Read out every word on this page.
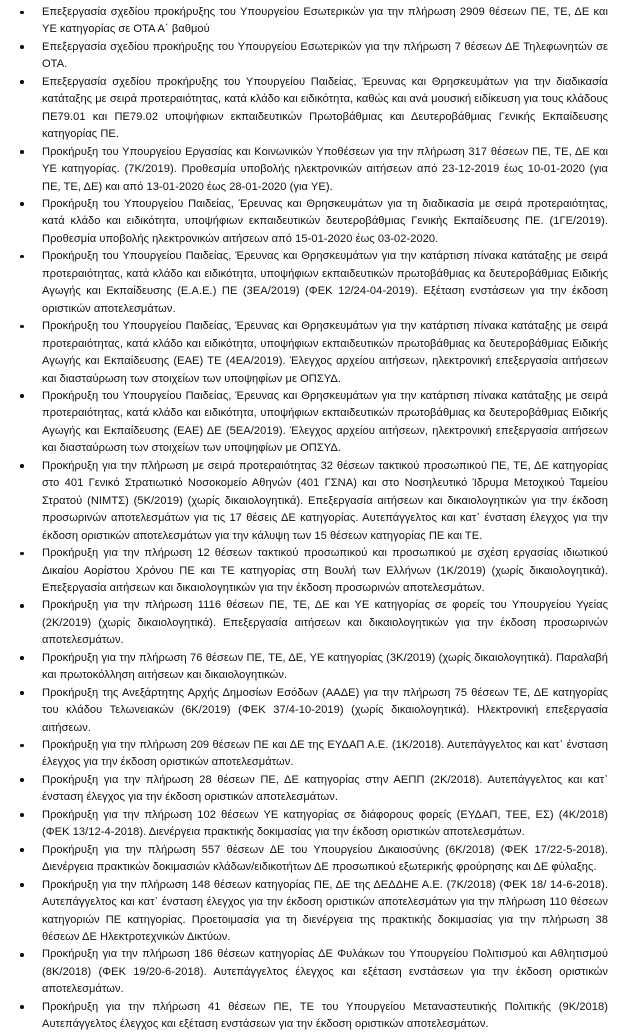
Επεξεργασία σχεδίου προκήρυξης του Υπουργείου Εσωτερικών για την πλήρωση 2909 θέσεων ΠΕ, ΤΕ, ΔΕ και ΥΕ κατηγορίας σε ΟΤΑ Α΄ βαθμού
Επεξεργασία σχεδίου προκήρυξης του Υπουργείου Εσωτερικών για την πλήρωση 7 θέσεων ΔΕ Τηλεφωνητών σε ΟΤΑ.
Επεξεργασία σχεδίου προκήρυξης του Υπουργείου Παιδείας, Έρευνας και Θρησκευμάτων για την διαδικασία κατάταξης με σειρά προτεραιότητας, κατά κλάδο και ειδικότητα, καθώς και ανά μουσική ειδίκευση για τους κλάδους ΠΕ79.01 και ΠΕ79.02 υποψήφιων εκπαιδευτικών Πρωτοβάθμιας και Δευτεροβάθμιας Γενικής Εκπαίδευσης κατηγορίας ΠΕ.
Προκήρυξη του Υπουργείου Εργασίας και Κοινωνικών Υποθέσεων για την πλήρωση 317 θέσεων ΠΕ, ΤΕ, ΔΕ και ΥΕ κατηγορίας. (7Κ/2019). Προθεσμία υποβολής ηλεκτρονικών αιτήσεων από 23-12-2019 έως 10-01-2020 (για ΠΕ, ΤΕ, ΔΕ) και από 13-01-2020 έως 28-01-2020 (για ΥΕ).
Προκήρυξη του Υπουργείου Παιδείας, Έρευνας και Θρησκευμάτων για τη διαδικασία με σειρά προτεραιότητας, κατά κλάδο και ειδικότητα, υποψήφιων εκπαιδευτικών δευτεροβάθμιας Γενικής Εκπαίδευσης ΠΕ. (1ΓΕ/2019). Προθεσμία υποβολής ηλεκτρονικών αιτήσεων από 15-01-2020 έως 03-02-2020.
Προκήρυξη του Υπουργείου Παιδείας, Έρευνας και Θρησκευμάτων για την κατάρτιση πίνακα κατάταξης με σειρά προτεραιότητας, κατά κλάδο και ειδικότητα, υποψήφιων εκπαιδευτικών πρωτοβάθμιας κα δευτεροβάθμιας Ειδικής Αγωγής και Εκπαίδευσης (Ε.Α.Ε.) ΠΕ (3ΕΑ/2019) (ΦΕΚ 12/24-04-2019). Εξέταση ενστάσεων για την έκδοση οριστικών αποτελεσμάτων.
Προκήρυξη του Υπουργείου Παιδείας, Έρευνας και Θρησκευμάτων για την κατάρτιση πίνακα κατάταξης με σειρά προτεραιότητας, κατά κλάδο και ειδικότητα, υποψήφιων εκπαιδευτικών πρωτοβάθμιας κα δευτεροβάθμιας Ειδικής Αγωγής και Εκπαίδευσης (ΕΑΕ) ΤΕ (4ΕΑ/2019). Έλεγχος αρχείου αιτήσεων, ηλεκτρονική επεξεργασία αιτήσεων και διασταύρωση των στοιχείων των υποψηφίων με ΟΠΣΥΔ.
Προκήρυξη του Υπουργείου Παιδείας, Έρευνας και Θρησκευμάτων για την κατάρτιση πίνακα κατάταξης με σειρά προτεραιότητας, κατά κλάδο και ειδικότητα, υποψήφιων εκπαιδευτικών πρωτοβάθμιας κα δευτεροβάθμιας Ειδικής Αγωγής και Εκπαίδευσης (ΕΑΕ) ΔΕ (5ΕΑ/2019). Έλεγχος αρχείου αιτήσεων, ηλεκτρονική επεξεργασία αιτήσεων και διασταύρωση των στοιχείων των υποψηφίων με ΟΠΣΥΔ.
Προκήρυξη για την πλήρωση με σειρά προτεραιότητας 32 θέσεων τακτικού προσωπικού ΠΕ, ΤΕ, ΔΕ κατηγορίας στο 401 Γενικό Στρατιωτικό Νοσοκομείο Αθηνών (401 ΓΣΝΑ) και στο Νοσηλευτικό Ίδρυμα Μετοχικού Ταμείου Στρατού (ΝΙΜΤΣ) (5Κ/2019) (χωρίς δικαιολογητικά). Επεξεργασία αιτήσεων και δικαιολογητικών για την έκδοση προσωρινών αποτελεσμάτων για τις 17 θέσεις ΔΕ κατηγορίας. Αυτεπάγγελτος και κατ᾽ ένσταση έλεγχος για την έκδοση οριστικών αποτελεσμάτων για την κάλυψη των 15 θέσεων κατηγορίας ΠΕ και ΤΕ.
Προκήρυξη για την πλήρωση 12 θέσεων τακτικού προσωπικού και προσωπικού με σχέση εργασίας ιδιωτικού Δικαίου Αορίστου Χρόνου ΠΕ και ΤΕ κατηγορίας στη Βουλή των Ελλήνων (1Κ/2019) (χωρίς δικαιολογητικά). Επεξεργασία αιτήσεων και δικαιολογητικών για την έκδοση προσωρινών αποτελεσμάτων.
Προκήρυξη για την πλήρωση 1116 θέσεων ΠΕ, ΤΕ, ΔΕ και ΥΕ κατηγορίας σε φορείς του Υπουργείου Υγείας (2Κ/2019) (χωρίς δικαιολογητικά). Επεξεργασία αιτήσεων και δικαιολογητικών για την έκδοση προσωρινών αποτελεσμάτων.
Προκήρυξη για την πλήρωση 76 θέσεων ΠΕ, ΤΕ, ΔΕ, ΥΕ κατηγορίας (3Κ/2019) (χωρίς δικαιολογητικά). Παραλαβή και πρωτοκόλληση αιτήσεων και δικαιολογητικών.
Προκήρυξη της Ανεξάρτητης Αρχής Δημοσίων Εσόδων (ΑΑΔΕ) για την πλήρωση 75 θέσεων ΤΕ, ΔΕ κατηγορίας του κλάδου Τελωνειακών (6Κ/2019) (ΦΕΚ 37/4-10-2019) (χωρίς δικαιολογητικά). Ηλεκτρονική επεξεργασία αιτήσεων.
Προκήρυξη για την πλήρωση 209 θέσεων ΠΕ και ΔΕ της ΕΥΔΑΠ Α.Ε. (1Κ/2018). Αυτεπάγγελτος και κατ᾽ ένσταση έλεγχος για την έκδοση οριστικών αποτελεσμάτων.
Προκήρυξη για την πλήρωση 28 θέσεων ΠΕ, ΔΕ κατηγορίας στην ΑΕΠΠ (2Κ/2018). Αυτεπάγγελτος και κατ᾽ ένσταση έλεγχος για την έκδοση οριστικών αποτελεσμάτων.
Προκήρυξη για την πλήρωση 102 θέσεων ΥΕ κατηγορίας σε διάφορους φορείς (ΕΥΔΑΠ, ΤΕΕ, ΕΣ) (4Κ/2018) (ΦΕΚ 13/12-4-2018). Διενέργεια πρακτικής δοκιμασίας για την έκδοση οριστικών αποτελεσμάτων.
Προκήρυξη για την πλήρωση 557 θέσεων ΔΕ του Υπουργείου Δικαιοσύνης (6Κ/2018) (ΦΕΚ 17/22-5-2018). Διενέργεια πρακτικών δοκιμασιών κλάδων/ειδικοτήτων ΔΕ προσωπικού εξωτερικής φρούρησης και ΔΕ φύλαξης.
Προκήρυξη για την πλήρωση 148 θέσεων κατηγορίας ΠΕ, ΔΕ της ΔΕΔΔΗΕ Α.Ε. (7Κ/2018) (ΦΕΚ 18/ 14-6-2018). Αυτεπάγγελτος και κατ᾽ ένσταση έλεγχος για την έκδοση οριστικών αποτελεσμάτων για την πλήρωση 110 θέσεων κατηγοριών ΠΕ κατηγορίας. Προετοιμασία για τη διενέργεια της πρακτικής δοκιμασίας για την πλήρωση 38 θέσεων ΔΕ Ηλεκτροτεχνικών Δικτύων.
Προκήρυξη για την πλήρωση 186 θέσεων κατηγορίας ΔΕ Φυλάκων του Υπουργείου Πολιτισμού και Αθλητισμού (8Κ/2018) (ΦΕΚ 19/20-6-2018). Αυτεπάγγελτος έλεγχος και εξέταση ενστάσεων για την έκδοση οριστικών αποτελεσμάτων.
Προκήρυξη για την πλήρωση 41 θέσεων ΠΕ, ΤΕ του Υπουργείου Μεταναστευτικής Πολιτικής (9Κ/2018) Αυτεπάγγελτος έλεγχος και εξέταση ενστάσεων για την έκδοση οριστικών αποτελεσμάτων.
